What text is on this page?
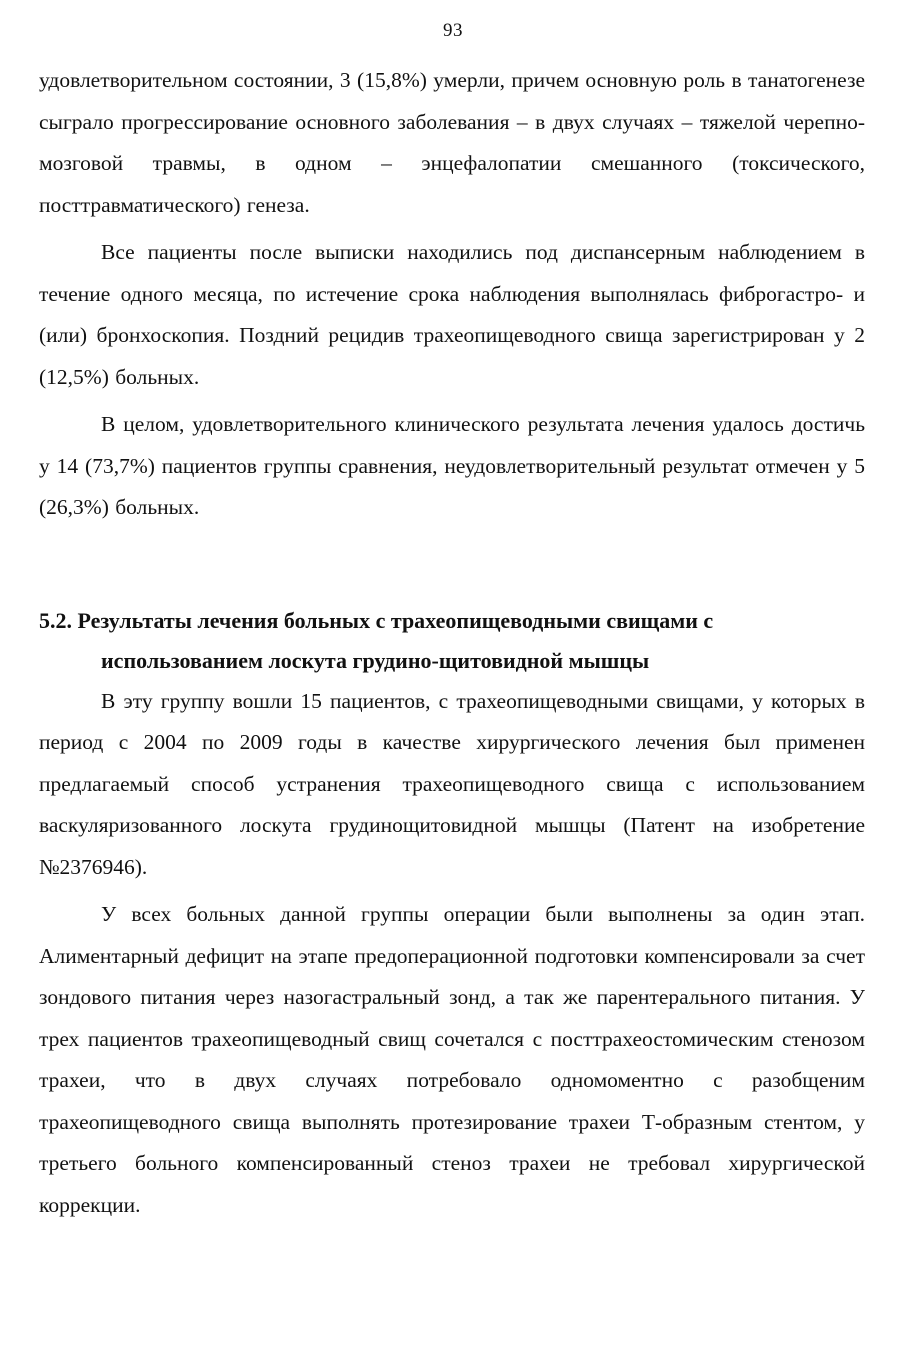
93

удовлетворительном состоянии, 3 (15,8%) умерли, причем основную роль в танатогенезе сыграло прогрессирование основного заболевания – в двух случаях – тяжелой черепно-мозговой травмы, в одном – энцефалопатии смешанного (токсического, посттравматического) генеза.

Все пациенты после выписки находились под диспансерным наблюдением в течение одного месяца, по истечение срока наблюдения выполнялась фиброгастро- и (или) бронхоскопия. Поздний рецидив трахеопищеводного свища зарегистрирован у 2 (12,5%) больных.

В целом, удовлетворительного клинического результата лечения удалось достичь у 14 (73,7%) пациентов группы сравнения, неудовлетворительный результат отмечен у 5 (26,3%) больных.

5.2. Результаты лечения больных с трахеопищеводными свищами с использованием лоскута грудино-щитовидной мышцы

В эту группу вошли 15 пациентов, с трахеопищеводными свищами, у которых в период с 2004 по 2009 годы в качестве хирургического лечения был применен предлагаемый способ устранения трахеопищеводного свища с использованием васкуляризованного лоскута грудинощитовидной мышцы (Патент на изобретение №2376946).

У всех больных данной группы операции были выполнены за один этап. Алиментарный дефицит на этапе предоперационной подготовки компенсировали за счет зондового питания через назогастральный зонд, а так же парентерального питания. У трех пациентов трахеопищеводный свищ сочетался с посттрахеостомическим стенозом трахеи, что в двух случаях потребовало одномоментно с разобщеним трахеопищеводного свища выполнять протезирование трахеи Т-образным стентом, у третьего больного компенсированный стеноз трахеи не требовал хирургической коррекции.
